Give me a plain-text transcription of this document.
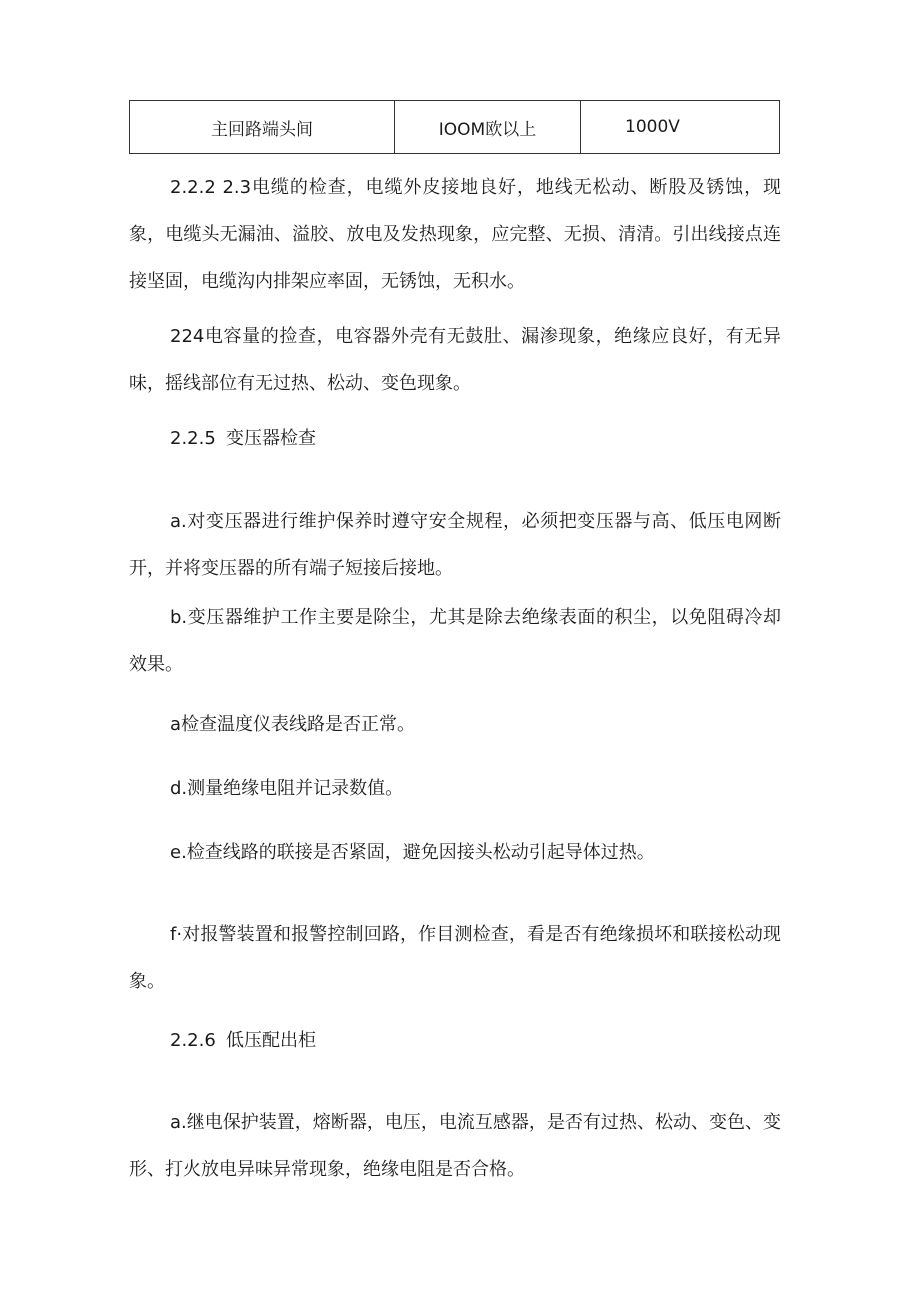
主回路端头间	IOOM欧以上	1000V
2.2.2 2.3电缆的检查，电缆外皮接地良好，地线无松动、断股及锈蚀，现象，电缆头无漏油、溢胶、放电及发热现象，应完整、无损、清清。引出线接点连接坚固，电缆沟内排架应率固，无锈蚀，无积水。
224电容量的捡查，电容器外壳有无鼓肚、漏渗现象，绝缘应良好，有无异味，摇线部位有无过热、松动、变色现象。
2.2.5 变压器检查
a.对变压器进行维护保养时遵守安全规程，必须把变压器与高、低压电网断开，并将变压器的所有端子短接后接地。
b.变压器维护工作主要是除尘，尤其是除去绝缘表面的积尘，以免阻碍冷却效果。
a检查温度仪表线路是否正常。
d.测量绝缘电阻并记录数值。
e.检查线路的联接是否紧固，避免因接头松动引起导体过热。
f·对报警装置和报警控制回路，作目测检查，看是否有绝缘损坏和联接松动现象。
2.2.6 低压配出柜
a.继电保护装置，熔断器，电压，电流互感器，是否有过热、松动、变色、变形、打火放电异味异常现象，绝缘电阻是否合格。
